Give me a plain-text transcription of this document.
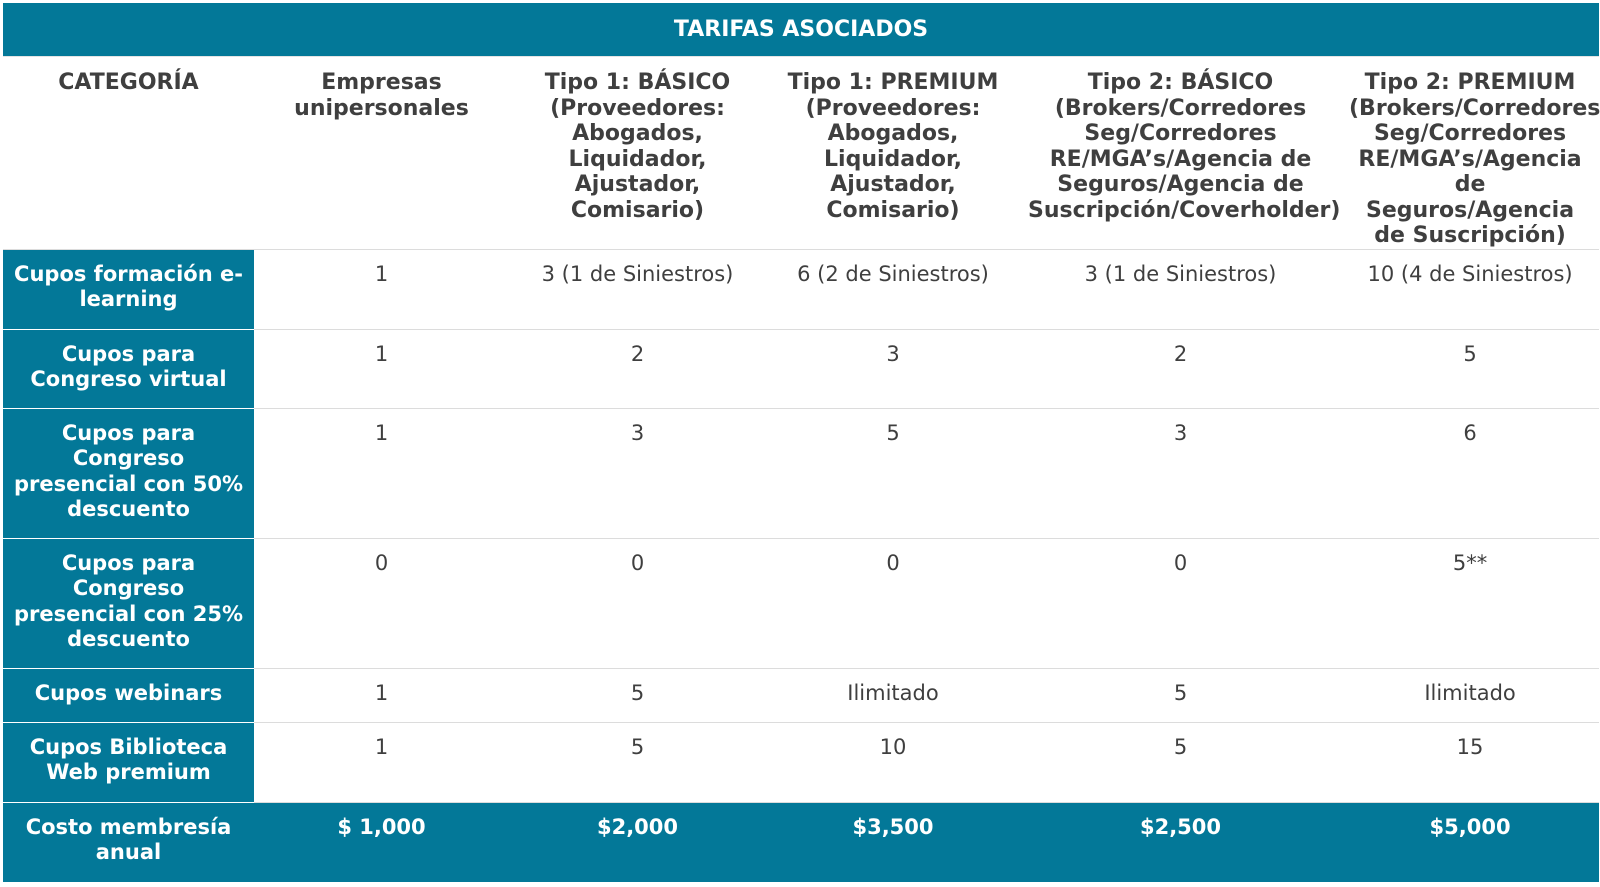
TARIFAS ASOCIADOS					
CATEGORÍA	Empresas unipersonales	Tipo 1: BÁSICO (Proveedores: Abogados, Liquidador, Ajustador, Comisario)	Tipo 1: PREMIUM (Proveedores: Abogados, Liquidador, Ajustador, Comisario)	Tipo 2: BÁSICO (Brokers/Corredores Seg/Corredores RE/MGA’s/Agencia de Seguros/Agencia de Suscripción/Coverholder)	Tipo 2: PREMIUM (Brokers/Corredores Seg/Corredores RE/MGA’s/Agencia de Seguros/Agencia de Suscripción)
Cupos formación e-learning	1	3 (1 de Siniestros)	6 (2 de Siniestros)	3 (1 de Siniestros)	10 (4 de Siniestros)
Cupos para Congreso virtual	1	2	3	2	5
Cupos para Congreso presencial con 50% descuento	1	3	5	3	6
Cupos para Congreso presencial con 25% descuento	0	0	0	0	5**
Cupos webinars	1	5	Ilimitado	5	Ilimitado
Cupos Biblioteca Web premium	1	5	10	5	15
Costo membresía anual	$ 1,000	$2,000	$3,500	$2,500	$5,000
